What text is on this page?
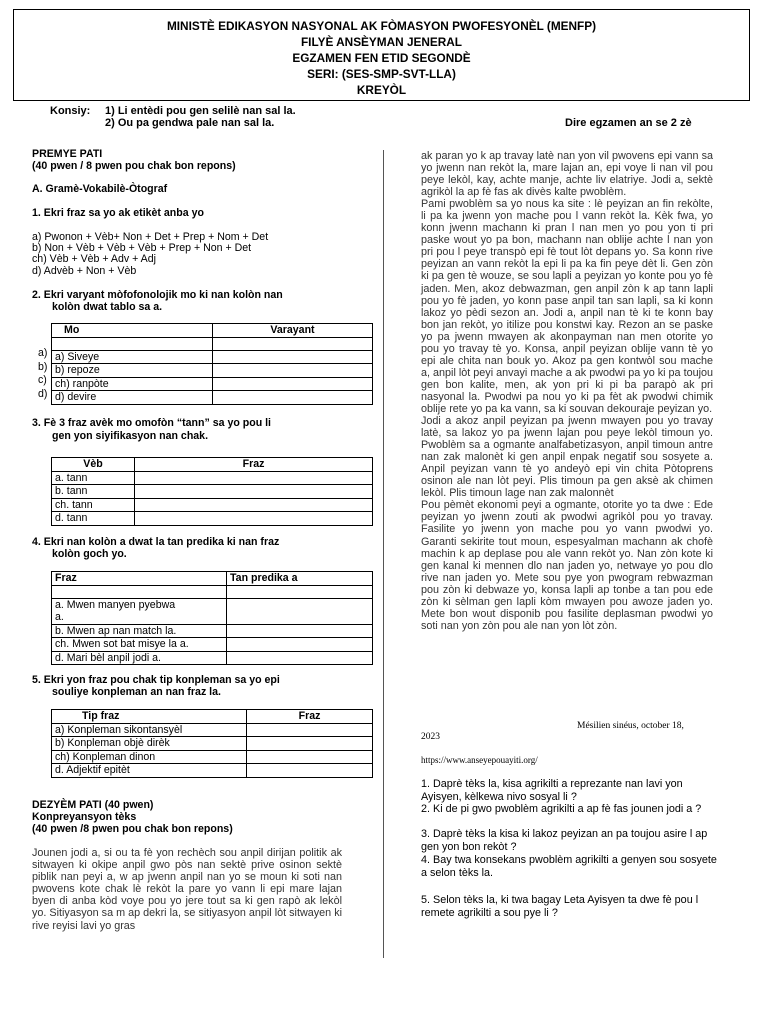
MINISTÈ EDIKASYON NASYONAL AK FÒMASYON PWOFESYONÈL (MENFP)
FILYÈ ANSÈYMAN JENERAL
EGZAMEN FEN ETID SEGONDÈ
SERI: (SES-SMP-SVT-LLA)
KREYÒL
Konsiy: 1) Li entèdi pou gen selilè nan sal la.
2) Ou pa gendwa pale nan sal la.	Dire egzamen an se 2 zè
PREMYE PATI
(40 pwen / 8 pwen pou chak bon repons)
A. Gramè-Vokabilè-Òtograf
1. Ekri fraz sa yo ak etikèt anba yo
a) Pwonon + Vèb+ Non + Det + Prep + Nom + Det
b) Non + Vèb + Vèb + Vèb + Prep + Non + Det
ch) Vèb + Vèb + Adv + Adj
d) Advèb + Non + Vèb
2. Ekri varyant mòfofonolojik mo ki nan kolòn nan
kolòn dwat tablo sa a.
a)
b)
c)
d)
Mo	Varayant

a) Siveye	
b) repoze	
ch) ranpòte	
d) devire	
3. Fè 3 fraz avèk mo omofòn “tann” sa yo pou li
gen yon siyifikasyon nan chak.
Vèb	Fraz
a. tann	
b. tann	
ch. tann	
d. tann	
4. Ekri nan kolòn a dwat la tan predika ki nan fraz
kolòn goch yo.
Fraz	Tan predika a

a. Mwen manyen pyebwa
a.	

b. Mwen ap nan match la.	
ch. Mwen sot bat misye la a.	
d. Mari bèl anpil jodi a.	
5. Ekri yon fraz pou chak tip konpleman sa yo epi
souliye konpleman an nan fraz la.
Tip fraz	Fraz
a) Konpleman sikontansyèl	
b) Konpleman objè dirèk	
ch) Konpleman dinon	
d. Adjektif epitèt	
DEZYÈM PATI (40 pwen)
Konpreyansyon tèks
(40 pwen /8 pwen pou chak bon repons)
Jounen jodi a, si ou ta fè yon rechèch sou anpil dirijan politik ak sitwayen ki okipe anpil gwo pòs nan sektè prive osinon sektè piblik nan peyi a, w ap jwenn anpil nan yo se moun ki soti nan pwovens kote chak lè rekòt la pare yo vann li epi mare lajan byen di anba kòd voye pou yo jere tout sa ki gen rapò ak lekòl yo. Sitiyasyon sa m ap dekri la, se sitiyasyon anpil lòt sitwayen ki rive reyisi lavi yo gras

ak paran yo k ap travay latè nan yon vil pwovens epi vann sa yo jwenn nan rekòt la, mare lajan an, epi voye li nan vil pou peye lekòl, kay, achte manje, achte liv elatriye. Jodi a, sektè agrikòl la ap fè fas ak divès kalte pwoblèm.

Pami pwoblèm sa yo nous ka site : lè peyizan an fin rekòlte, li pa ka jwenn yon mache pou l vann rekòt la. Kèk fwa, yo konn jwenn machann ki pran l nan men yo pou yon ti pri paske wout yo pa bon, machann nan oblije achte l nan yon pri pou l peye transpò epi fè tout lòt depans yo. Sa konn rive peyizan an vann rekòt la epi li pa ka fin peye dèt li. Gen zòn ki pa gen tè wouze, se sou lapli a peyizan yo konte pou yo fè jaden. Men, akoz debwazman, gen anpil zòn k ap tann lapli pou yo fè jaden, yo konn pase anpil tan san lapli, sa ki konn lakoz yo pèdi sezon an. Jodi a, anpil nan tè ki te konn bay bon jan rekòt, yo itilize pou konstwi kay. Rezon an se paske yo pa jwenn mwayen ak akonpayman nan men otorite yo pou yo travay tè yo. Konsa, anpil peyizan oblije vann tè yo epi ale chita nan bouk yo. Akoz pa gen kontwòl sou mache a, anpil lòt peyi anvayi mache a ak pwodwi pa yo ki pa toujou gen bon kalite, men, ak yon pri ki pi ba parapò ak pri nasyonal la. Pwodwi pa nou yo ki pa fèt ak pwodwi chimik oblije rete yo pa ka vann, sa ki souvan dekouraje peyizan yo.

Jodi a akoz anpil peyizan pa jwenn mwayen pou yo travay latè, sa lakoz yo pa jwenn lajan pou peye lekòl timoun yo. Pwoblèm sa a ogmante analfabetizasyon, anpil timoun antre nan zak malonèt ki gen anpil enpak negatif sou sosyete a. Anpil peyizan vann tè yo andeyò epi vin chita Pòtoprens osinon ale nan lòt peyi. Plis timoun pa gen aksè ak chimen lekòl. Plis timoun lage nan zak malonnèt

Pou pèmèt ekonomi peyi a ogmante, otorite yo ta dwe : Ede peyizan yo jwenn zouti ak pwodwi agrikòl pou yo travay. Fasilite yo jwenn yon mache pou yo vann pwodwi yo. Garanti sekirite tout moun, espesyalman machann ak chofè machin k ap deplase pou ale vann rekòt yo. Nan zòn kote ki gen kanal ki mennen dlo nan jaden yo, netwaye yo pou dlo rive nan jaden yo. Mete sou pye yon pwogram rebwazman pou zòn ki debwaze yo, konsa lapli ap tonbe a tan pou ede zòn ki sèlman gen lapli kòm mwayen pou awoze jaden yo. Mete bon wout disponib pou fasilite deplasman pwodwi yo soti nan yon zòn pou ale nan yon lòt zòn.

Mésilien sinéus, october 18,
2023
https://www.anseyepouayiti.org/
1. Daprè tèks la, kisa agrikilti a reprezante nan lavi yon Ayisyen, kèlkewa nivo sosyal li ?
2. Ki de pi gwo pwoblèm agrikilti a ap fè fas jounen jodi a ?
3. Daprè tèks la kisa ki lakoz peyizan an pa toujou asire l ap gen yon bon rekòt ?
4. Bay twa konsekans pwoblèm agrikilti a genyen sou sosyete a selon tèks la.
5. Selon tèks la, ki twa bagay Leta Ayisyen ta dwe fè pou l remete agrikilti a sou pye li ?
